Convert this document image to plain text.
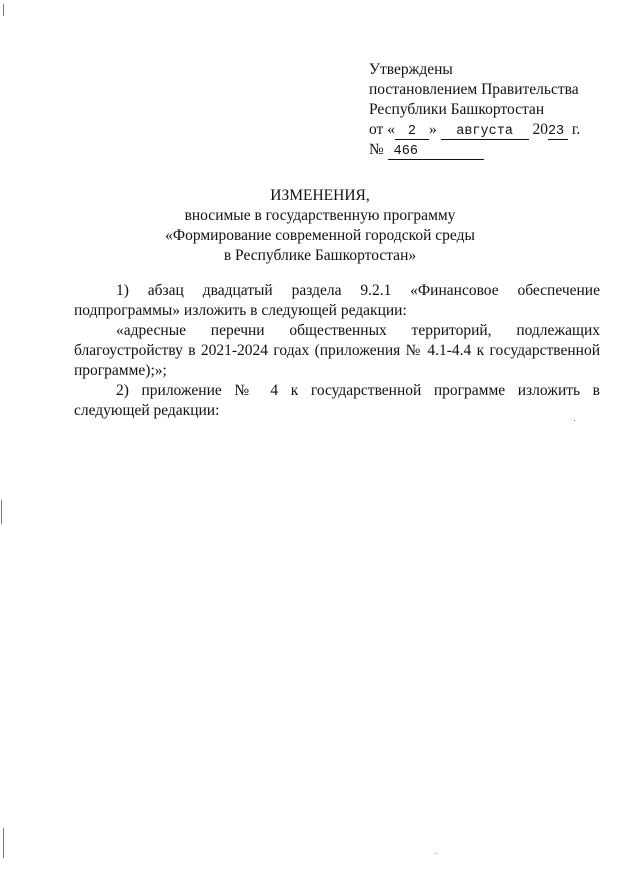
Утверждены
постановлением Правительства
Республики Башкортостан
от « 2 » августа 2023 г.
№ 466
ИЗМЕНЕНИЯ,
вносимые в государственную программу
«Формирование современной городской среды
в Республике Башкортостан»

1) абзац двадцатый раздела 9.2.1 «Финансовое обеспечение подпрограммы» изложить в следующей редакции:

«адресные перечни общественных территорий, подлежащих благоустройству в 2021-2024 годах (приложения № 4.1-4.4 к государственной программе);»;

2) приложение № 4 к государственной программе изложить в следующей редакции:
